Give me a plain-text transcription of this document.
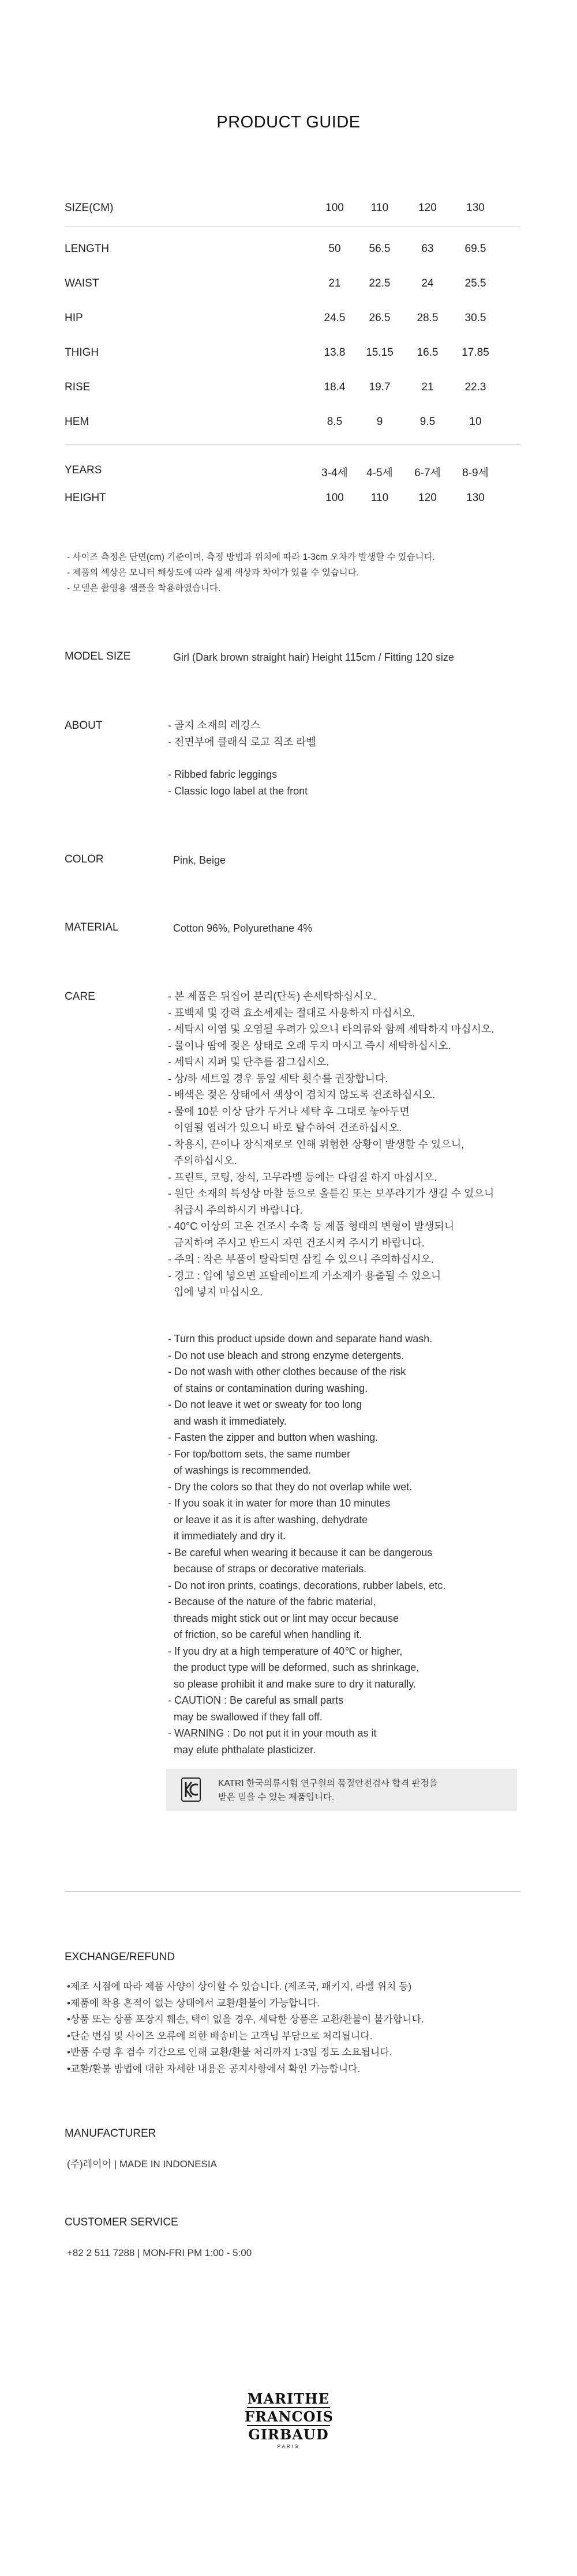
PRODUCT GUIDE
SIZE(CM)	100	110	120	130
LENGTH	50	56.5	63	69.5
WAIST	21	22.5	24	25.5
HIP	24.5	26.5	28.5	30.5
THIGH	13.8	15.15	16.5	17.85
RISE	18.4	19.7	21	22.3
HEM	8.5	9	9.5	10
YEARS	3-4세	4-5세	6-7세	8-9세
HEIGHT	100	110	120	130
- 사이즈 측정은 단면(cm) 기준이며, 측정 방법과 위치에 따라 1-3cm 오차가 발생할 수 있습니다.
- 제품의 색상은 모니터 해상도에 따라 실제 색상과 차이가 있을 수 있습니다.
- 모델은 촬영용 샘플을 착용하였습니다.
MODEL SIZE	Girl (Dark brown straight hair) Height 115cm / Fitting 120 size
ABOUT	- 골지 소재의 레깅스
- 전면부에 클래식 로고 직조 라벨
- Ribbed fabric leggings
- Classic logo label at the front
COLOR	Pink, Beige
MATERIAL	Cotton 96%, Polyurethane 4%
CARE	- 본 제품은 뒤집어 분리(단독) 손세탁하십시오.
- 표백제 및 강력 효소세제는 절대로 사용하지 마십시오.
- 세탁시 이염 및 오염될 우려가 있으니 타의류와 함께 세탁하지 마십시오.
- 물이나 땀에 젖은 상태로 오래 두지 마시고 즉시 세탁하십시오.
- 세탁시 지퍼 및 단추를 잠그십시오.
- 상/하 세트일 경우 동일 세탁 횟수를 권장합니다.
- 배색은 젖은 상태에서 색상이 겹치지 않도록 건조하십시오.
- 물에 10분 이상 담가 두거나 세탁 후 그대로 놓아두면
이염될 염려가 있으니 바로 탈수하여 건조하십시오.
- 착용시, 끈이나 장식재로로 인해 위험한 상황이 발생할 수 있으니,
주의하십시오.
- 프린트, 코팅, 장식, 고무라벨 등에는 다림질 하지 마십시오.
- 원단 소재의 특성상 마찰 등으로 올튿김 또는 보푸라기가 생길 수 있으니
취급시 주의하시기 바랍니다.
- 40°C 이상의 고온 건조시 수축 등 제품 형태의 변형이 발생되니
금지하여 주시고 반드시 자연 건조시켜 주시기 바랍니다.
- 주의 : 작은 부품이 탈락되면 삼킬 수 있으니 주의하십시오.
- 경고 : 입에 넣으면 프탈레이트계 가소제가 용출될 수 있으니
입에 넣지 마십시오.
- Turn this product upside down and separate hand wash.
- Do not use bleach and strong enzyme detergents.
- Do not wash with other clothes because of the risk
of stains or contamination during washing.
- Do not leave it wet or sweaty for too long
and wash it immediately.
- Fasten the zipper and button when washing.
- For top/bottom sets, the same number
of washings is recommended.
- Dry the colors so that they do not overlap while wet.
- If you soak it in water for more than 10 minutes
or leave it as it is after washing, dehydrate
it immediately and dry it.
- Be careful when wearing it because it can be dangerous
because of straps or decorative materials.
- Do not iron prints, coatings, decorations, rubber labels, etc.
- Because of the nature of the fabric material,
threads might stick out or lint may occur because
of friction, so be careful when handling it.
- If you dry at a high temperature of 40℃ or higher,
the product type will be deformed, such as shrinkage,
so please prohibit it and make sure to dry it naturally.
- CAUTION : Be careful as small parts
may be swallowed if they fall off.
- WARNING : Do not put it in your mouth as it
may elute phthalate plasticizer.
KATRI 한국의류시험 연구원의 품질안전검사 합격 판정을
받은 믿을 수 있는 제품입니다.
EXCHANGE/REFUND
•제조 시점에 따라 제품 사양이 상이할 수 있습니다. (제조국, 패키지, 라벨 위치 등)
•제품에 착용 흔적이 없는 상태에서 교환/환불이 가능합니다.
•상품 또는 상품 포장지 훼손, 택이 없을 경우, 세탁한 상품은 교환/환불이 불가합니다.
•단순 변심 및 사이즈 오류에 의한 배송비는 고객님 부담으로 처리됩니다.
•반품 수령 후 검수 기간으로 인해 교환/환불 처리까지 1-3일 정도 소요됩니다.
•교환/환불 방법에 대한 자세한 내용은 공지사항에서 확인 가능합니다.
MANUFACTURER
(주)레이어 | MADE IN INDONESIA
CUSTOMER SERVICE
+82 2 511 7288 | MON-FRI PM 1:00 - 5:00
MARITHE
FRANCOIS
GIRBAUD
PARIS
